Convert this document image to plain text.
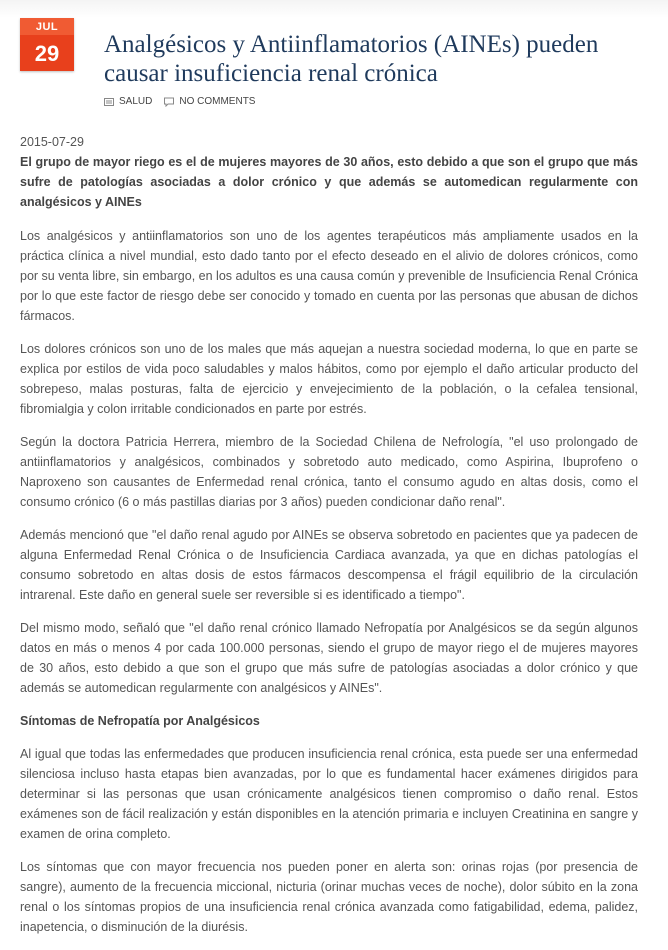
JUL
29	Analgésicos y Antiinflamatorios (AINEs) pueden causar insuficiencia renal crónica
SALUD	NO COMMENTS

2015-07-29

El grupo de mayor riego es el de mujeres mayores de 30 años, esto debido a que son el grupo que más sufre de patologías asociadas a dolor crónico y que además se automedican regularmente con analgésicos y AINEs

Los analgésicos y antiinflamatorios son uno de los agentes terapéuticos más ampliamente usados en la práctica clínica a nivel mundial, esto dado tanto por el efecto deseado en el alivio de dolores crónicos, como por su venta libre, sin embargo, en los adultos es una causa común y prevenible de Insuficiencia Renal Crónica por lo que este factor de riesgo debe ser conocido y tomado en cuenta por las personas que abusan de dichos fármacos.

Los dolores crónicos son uno de los males que más aquejan a nuestra sociedad moderna, lo que en parte se explica por estilos de vida poco saludables y malos hábitos, como por ejemplo el daño articular producto del sobrepeso, malas posturas, falta de ejercicio y envejecimiento de la población, o la cefalea tensional, fibromialgia y colon irritable condicionados en parte por estrés.

Según la doctora Patricia Herrera, miembro de la Sociedad Chilena de Nefrología, "el uso prolongado de antiinflamatorios y analgésicos, combinados y sobretodo auto medicado, como Aspirina, Ibuprofeno o Naproxeno son causantes de Enfermedad renal crónica, tanto el consumo agudo en altas dosis, como el consumo crónico (6 o más pastillas diarias por 3 años) pueden condicionar daño renal".

Además mencionó que "el daño renal agudo por AINEs se observa sobretodo en pacientes que ya padecen de alguna Enfermedad Renal Crónica o de Insuficiencia Cardiaca avanzada, ya que en dichas patologías el consumo sobretodo en altas dosis de estos fármacos descompensa el frágil equilibrio de la circulación intrarenal. Este daño en general suele ser reversible si es identificado a tiempo".

Del mismo modo, señaló que "el daño renal crónico llamado Nefropatía por Analgésicos se da según algunos datos en más o menos 4 por cada 100.000 personas, siendo el grupo de mayor riego el de mujeres mayores de 30 años, esto debido a que son el grupo que más sufre de patologías asociadas a dolor crónico y que además se automedican regularmente con analgésicos y AINEs".

Síntomas de Nefropatía por Analgésicos

Al igual que todas las enfermedades que producen insuficiencia renal crónica, esta puede ser una enfermedad silenciosa incluso hasta etapas bien avanzadas, por lo que es fundamental hacer exámenes dirigidos para determinar si las personas que usan crónicamente analgésicos tienen compromiso o daño renal. Estos exámenes son de fácil realización y están disponibles en la atención primaria e incluyen Creatinina en sangre y examen de orina completo.

Los síntomas que con mayor frecuencia nos pueden poner en alerta son: orinas rojas (por presencia de sangre), aumento de la frecuencia miccional, nicturia (orinar muchas veces de noche), dolor súbito en la zona renal o los síntomas propios de una insuficiencia renal crónica avanzada como fatigabilidad, edema, palidez, inapetencia, o disminución de la diurésis.
